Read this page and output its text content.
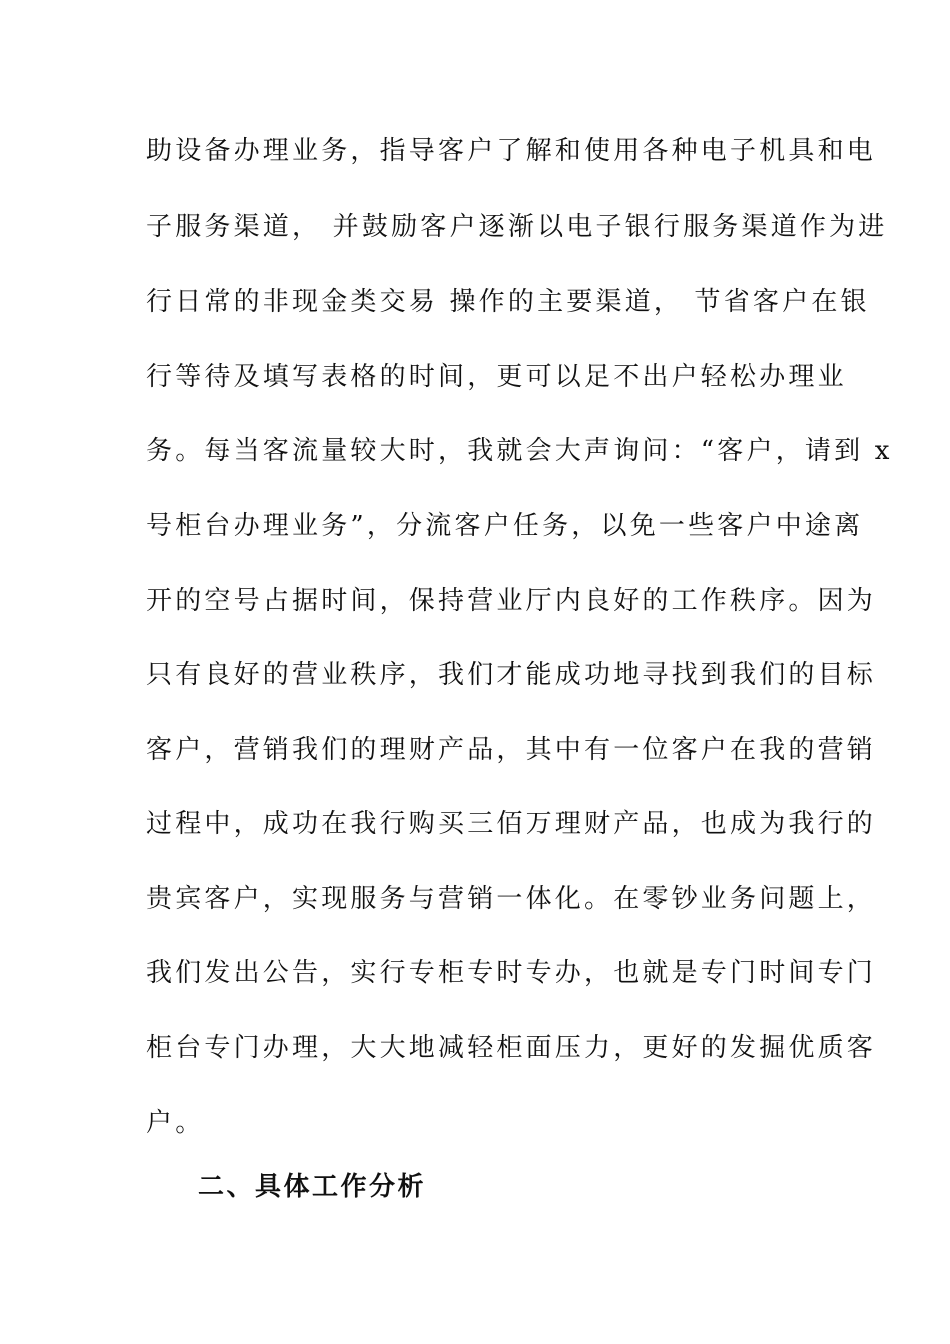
助设备办理业务，指导客户了解和使用各种电子机具和电
子服务渠道， 并鼓励客户逐渐以电子银行服务渠道作为进
行日常的非现金类交易 操作的主要渠道， 节省客户在银
行等待及填写表格的时间，更可以足不出户轻松办理业
务。每当客流量较大时，我就会大声询问：“客户，请到 x
号柜台办理业务”，分流客户任务，以免一些客户中途离
开的空号占据时间，保持营业厅内良好的工作秩序。因为
只有良好的营业秩序，我们才能成功地寻找到我们的目标
客户，营销我们的理财产品，其中有一位客户在我的营销
过程中，成功在我行购买三佰万理财产品，也成为我行的
贵宾客户，实现服务与营销一体化。在零钞业务问题上，
我们发出公告，实行专柜专时专办，也就是专门时间专门
柜台专门办理，大大地减轻柜面压力，更好的发掘优质客
户。
二、具体工作分析
